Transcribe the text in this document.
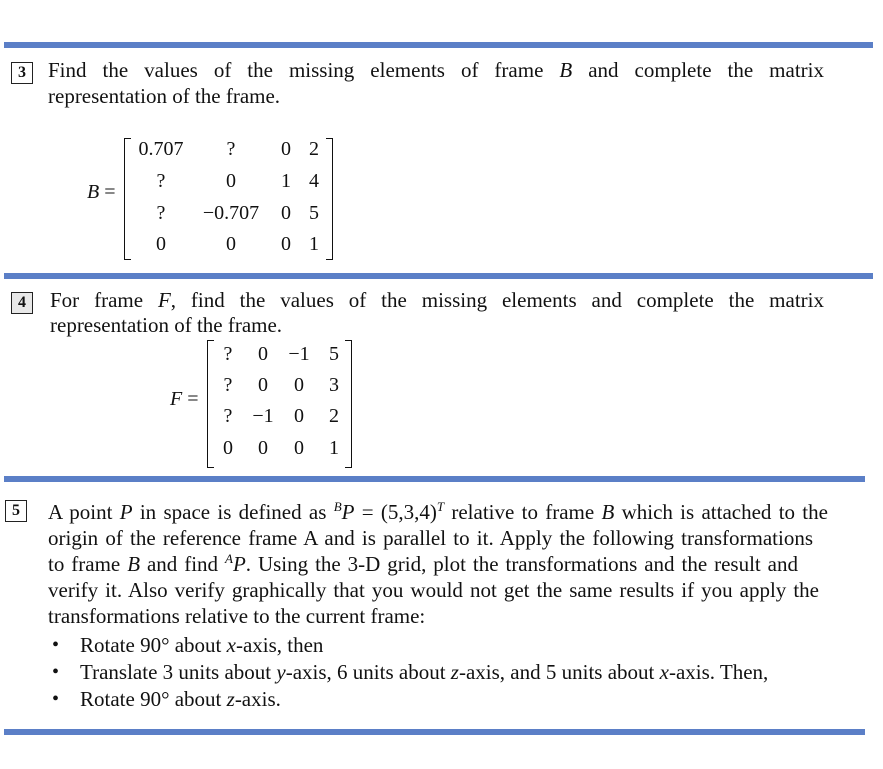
3	Find the values of the missing elements of frame B and complete the matrix
representation of the frame.
B =
0.707	?	0 2
?	0	1 4
?	−0.707	0 5
0	0	0 1
4	For frame F, find the values of the missing elements and complete the matrix
representation of the frame.
F =
?	0	−1 5
?	0	0	3
? −1	0	2
0	0	0	1
5	A point P in space is defined as $^BP = (5,3,4)^T$ relative to frame B which is attached to the
origin of the reference frame A and is parallel to it. Apply the following transformations
to frame B and find $^A$P. Using the 3-D grid, plot the transformations and the result and
verify it. Also verify graphically that you would not get the same results if you apply the
transformations relative to the current frame:
• Rotate 90° about x-axis, then
• Translate 3 units about y-axis, 6 units about z-axis, and 5 units about x-axis. Then,
• Rotate 90° about z-axis.
